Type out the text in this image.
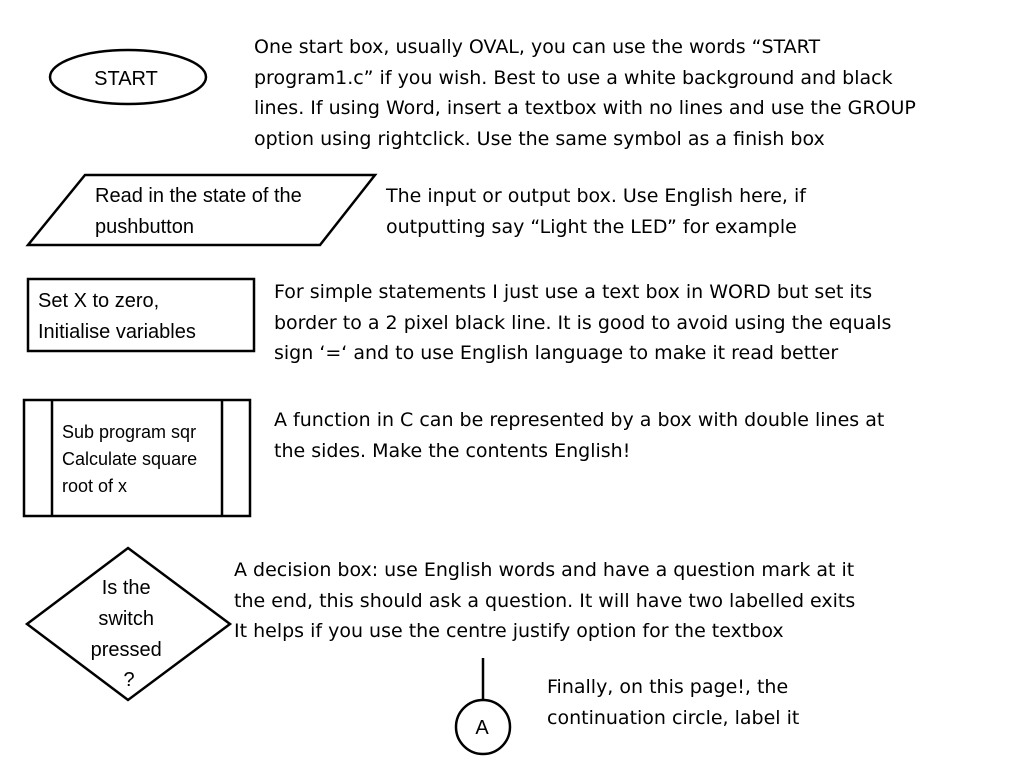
START
Read in the state of the pushbutton
Set X to zero, Initialise variables
Sub program sqr Calculate square root of x
Is the switch pressed ?
A
One start box, usually OVAL, you can use the words “START
program1.c” if you wish. Best to use a white background and black
lines. If using Word, insert a textbox with no lines and use the GROUP
option using rightclick. Use the same symbol as a finish box
The input or output box. Use English here, if
outputting say “Light the LED” for example
For simple statements I just use a text box in WORD but set its
border to a 2 pixel black line. It is good to avoid using the equals
sign ‘=‘ and to use English language to make it read better
A function in C can be represented by a box with double lines at
the sides. Make the contents English!
A decision box: use English words and have a question mark at it
the end, this should ask a question. It will have two labelled exits
It helps if you use the centre justify option for the textbox
Finally, on this page!, the
continuation circle, label it
